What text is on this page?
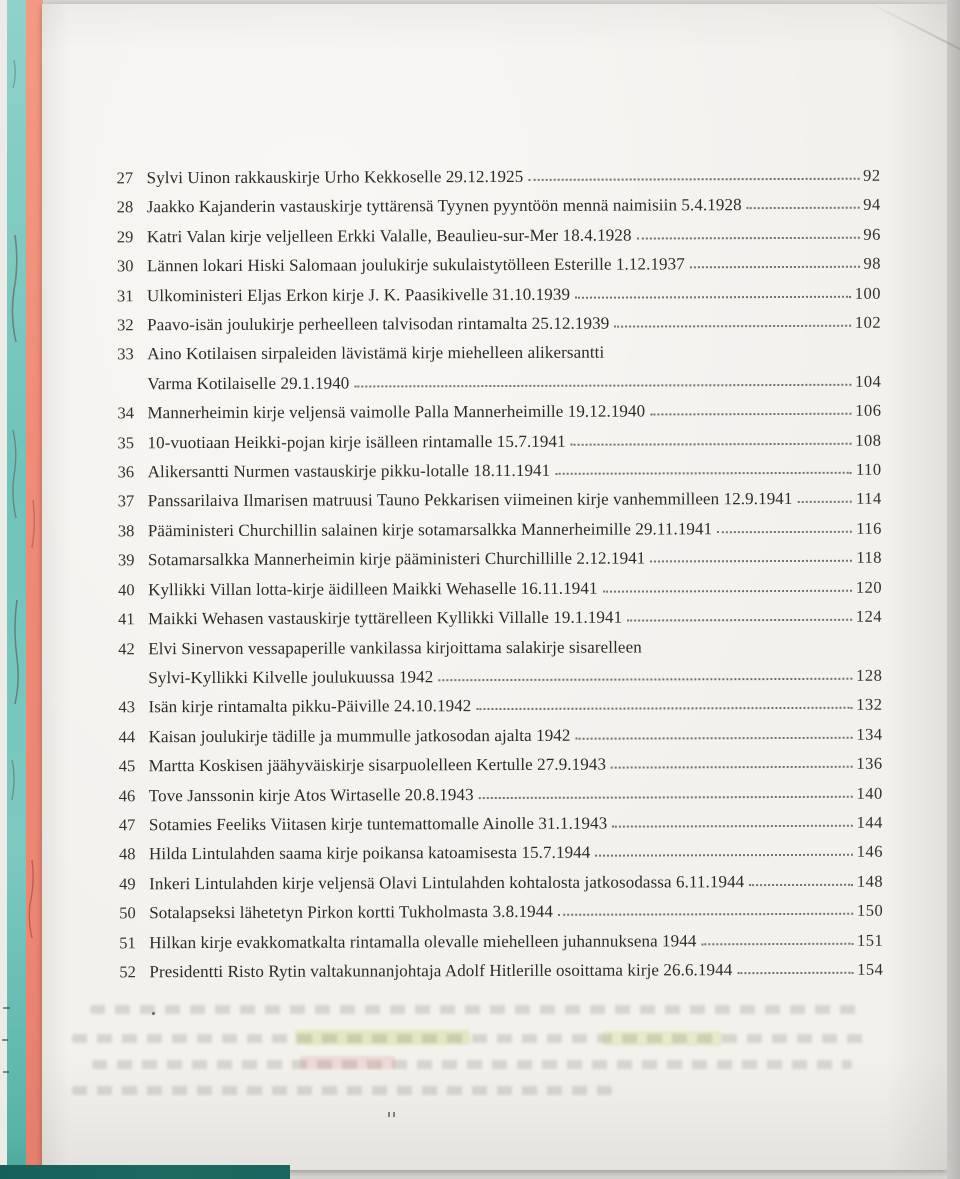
27 Sylvi Uinon rakkauskirje Urho Kekkoselle 29.12.1925	92
28 Jaakko Kajanderin vastauskirje tyttärensä Tyynen pyyntöön mennä naimisiin 5.4.1928	94
29 Katri Valan kirje veljelleen Erkki Valalle, Beaulieu-sur-Mer 18.4.1928	96
30 Lännen lokari Hiski Salomaan joulukirje sukulaistytölleen Esterille 1.12.1937	98
31 Ulkoministeri Eljas Erkon kirje J. K. Paasikivelle 31.10.1939	100
32 Paavo-isän joulukirje perheelleen talvisodan rintamalta 25.12.1939	102
33 Aino Kotilaisen sirpaleiden lävistämä kirje miehelleen alikersantti
Varma Kotilaiselle 29.1.1940	104
34 Mannerheimin kirje veljensä vaimolle Palla Mannerheimille 19.12.1940	106
35 10-vuotiaan Heikki-pojan kirje isälleen rintamalle 15.7.1941	108
36 Alikersantti Nurmen vastauskirje pikku-lotalle 18.11.1941	110
37 Panssarilaiva Ilmarisen matruusi Tauno Pekkarisen viimeinen kirje vanhemmilleen 12.9.1941	114
38 Pääministeri Churchillin salainen kirje sotamarsalkka Mannerheimille 29.11.1941	116
39 Sotamarsalkka Mannerheimin kirje pääministeri Churchillille 2.12.1941	118
40 Kyllikki Villan lotta-kirje äidilleen Maikki Wehaselle 16.11.1941	120
41 Maikki Wehasen vastauskirje tyttärelleen Kyllikki Villalle 19.1.1941	124
42 Elvi Sinervon vessapaperille vankilassa kirjoittama salakirje sisarelleen
Sylvi-Kyllikki Kilvelle joulukuussa 1942	128
43 Isän kirje rintamalta pikku-Päiville 24.10.1942	132
44 Kaisan joulukirje tädille ja mummulle jatkosodan ajalta 1942	134
45 Martta Koskisen jäähyväiskirje sisarpuolelleen Kertulle 27.9.1943	136
46 Tove Janssonin kirje Atos Wirtaselle 20.8.1943	140
47 Sotamies Feeliks Viitasen kirje tuntemattomalle Ainolle 31.1.1943	144
48 Hilda Lintulahden saama kirje poikansa katoamisesta 15.7.1944	146
49 Inkeri Lintulahden kirje veljensä Olavi Lintulahden kohtalosta jatkosodassa 6.11.1944	148
50 Sotalapseksi lähetetyn Pirkon kortti Tukholmasta 3.8.1944	150
51 Hilkan kirje evakkomatkalta rintamalla olevalle miehelleen juhannuksena 1944	151
52 Presidentti Risto Rytin valtakunnanjohtaja Adolf Hitlerille osoittama kirje 26.6.1944	154
